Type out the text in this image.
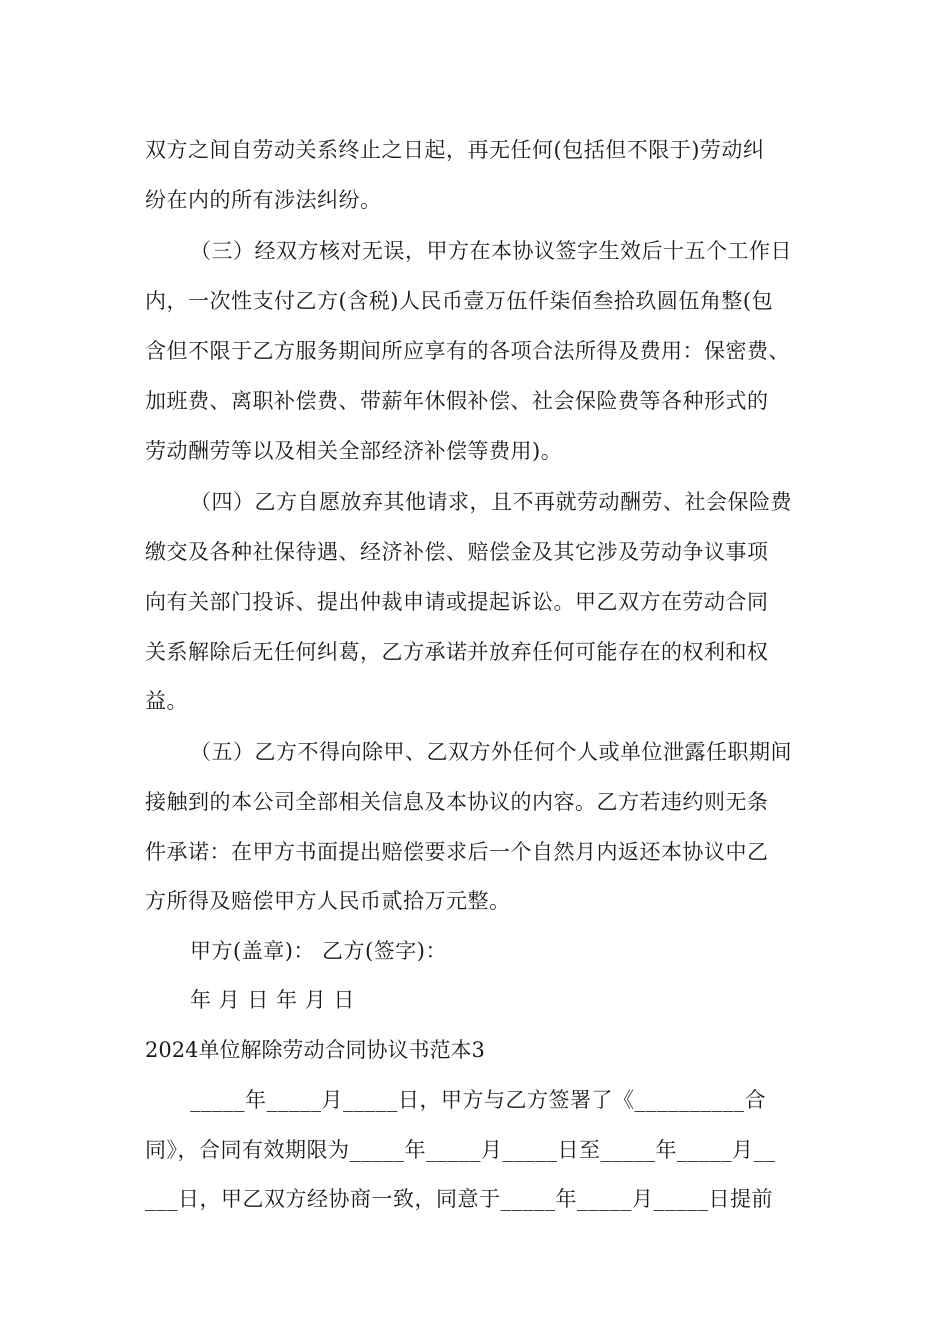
双方之间自劳动关系终止之日起，再无任何(包括但不限于)劳动纠
纷在内的所有涉法纠纷。
（三）经双方核对无误，甲方在本协议签字生效后十五个工作日
内，一次性支付乙方(含税)人民币壹万伍仟柒佰叁拾玖圆伍角整(包
含但不限于乙方服务期间所应享有的各项合法所得及费用：保密费、
加班费、离职补偿费、带薪年休假补偿、社会保险费等各种形式的
劳动酬劳等以及相关全部经济补偿等费用)。
（四）乙方自愿放弃其他请求，且不再就劳动酬劳、社会保险费
缴交及各种社保待遇、经济补偿、赔偿金及其它涉及劳动争议事项
向有关部门投诉、提出仲裁申请或提起诉讼。甲乙双方在劳动合同
关系解除后无任何纠葛，乙方承诺并放弃任何可能存在的权利和权
益。
（五）乙方不得向除甲、乙双方外任何个人或单位泄露任职期间
接触到的本公司全部相关信息及本协议的内容。乙方若违约则无条
件承诺：在甲方书面提出赔偿要求后一个自然月内返还本协议中乙
方所得及赔偿甲方人民币贰拾万元整。
甲方(盖章)： 乙方(签字)：
年 月 日 年 月 日
2024单位解除劳动合同协议书范本3
_____年_____月_____日，甲方与乙方签署了《__________合
同》，合同有效期限为_____年_____月_____日至_____年_____月__
___日，甲乙双方经协商一致，同意于_____年_____月_____日提前
